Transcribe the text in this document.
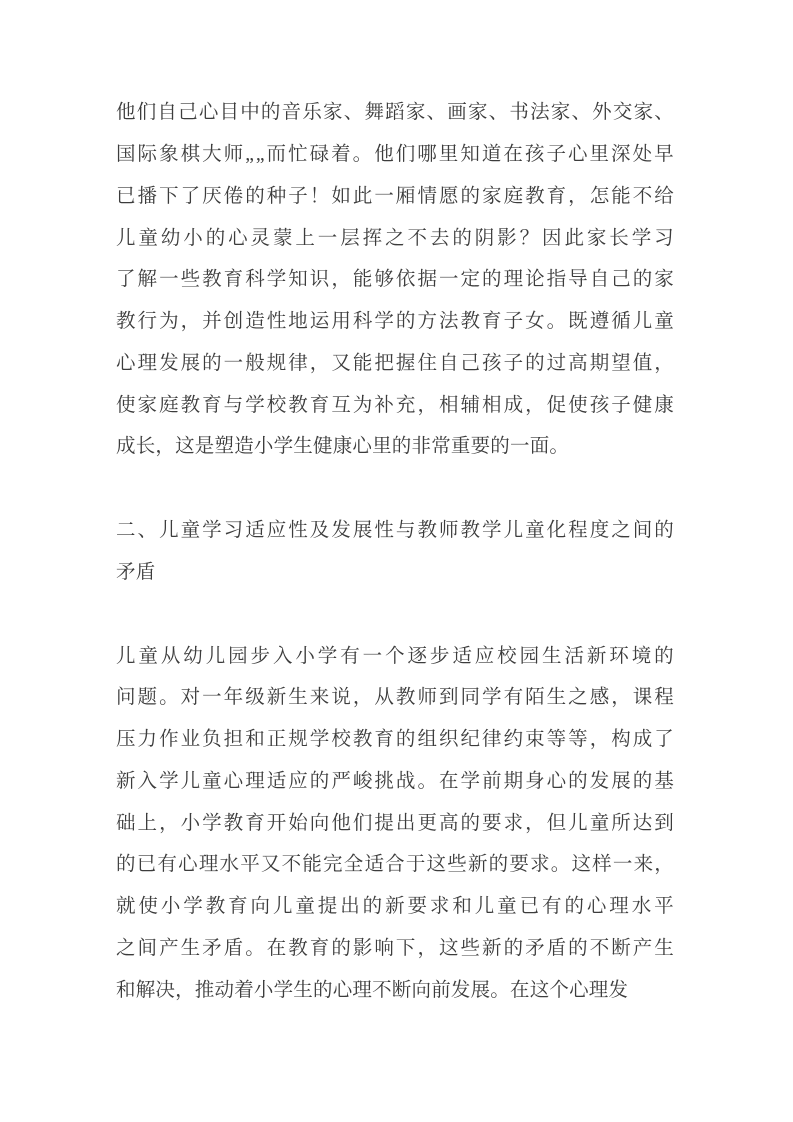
他 们 自 己 心 目 中 的 音 乐 家 、 舞 蹈 家 、 画 家 、 书 法 家 、 外 交 家 、
国 际 象 棋 大 师 „ „ 而 忙 碌 着 。 他 们 哪 里 知 道 在 孩 子 心 里 深 处 早
已 播 下 了 厌 倦 的 种 子 ！ 如 此 一 厢 情 愿 的 家 庭 教 育 ， 怎 能 不 给
儿 童 幼 小 的 心 灵 蒙 上 一 层 挥 之 不 去 的 阴 影 ？ 因 此 家 长 学 习
了 解 一 些 教 育 科 学 知 识 ， 能 够 依 据 一 定 的 理 论 指 导 自 己 的 家
教 行 为 ， 并 创 造 性 地 运 用 科 学 的 方 法 教 育 子 女 。 既 遵 循 儿 童
心 理 发 展 的 一 般 规 律 ， 又 能 把 握 住 自 己 孩 子 的 过 高 期 望 值 ，
使 家 庭 教 育 与 学 校 教 育 互 为 补 充 ， 相 辅 相 成 ， 促 使 孩 子 健 康
成长，这是塑造小学生健康心里的非常重要的一面。
二 、 儿 童 学 习 适 应 性 及 发 展 性 与 教 师 教 学 儿 童 化 程 度 之 间 的
矛盾
儿 童 从 幼 儿 园 步 入 小 学 有 一 个 逐 步 适 应 校 园 生 活 新 环 境 的
问 题 。 对 一 年 级 新 生 来 说 ， 从 教 师 到 同 学 有 陌 生 之 感 ， 课 程
压 力 作 业 负 担 和 正 规 学 校 教 育 的 组 织 纪 律 约 束 等 等 ， 构 成 了
新 入 学 儿 童 心 理 适 应 的 严 峻 挑 战 。 在 学 前 期 身 心 的 发 展 的 基
础 上 ， 小 学 教 育 开 始 向 他 们 提 出 更 高 的 要 求 ， 但 儿 童 所 达 到
的 已 有 心 理 水 平 又 不 能 完 全 适 合 于 这 些 新 的 要 求 。 这 样 一 来 ，
就 使 小 学 教 育 向 儿 童 提 出 的 新 要 求 和 儿 童 已 有 的 心 理 水 平
之 间 产 生 矛 盾 。 在 教 育 的 影 响 下 ， 这 些 新 的 矛 盾 的 不 断 产 生
和解决，推动着小学生的心理不断向前发展。在这个心理发
